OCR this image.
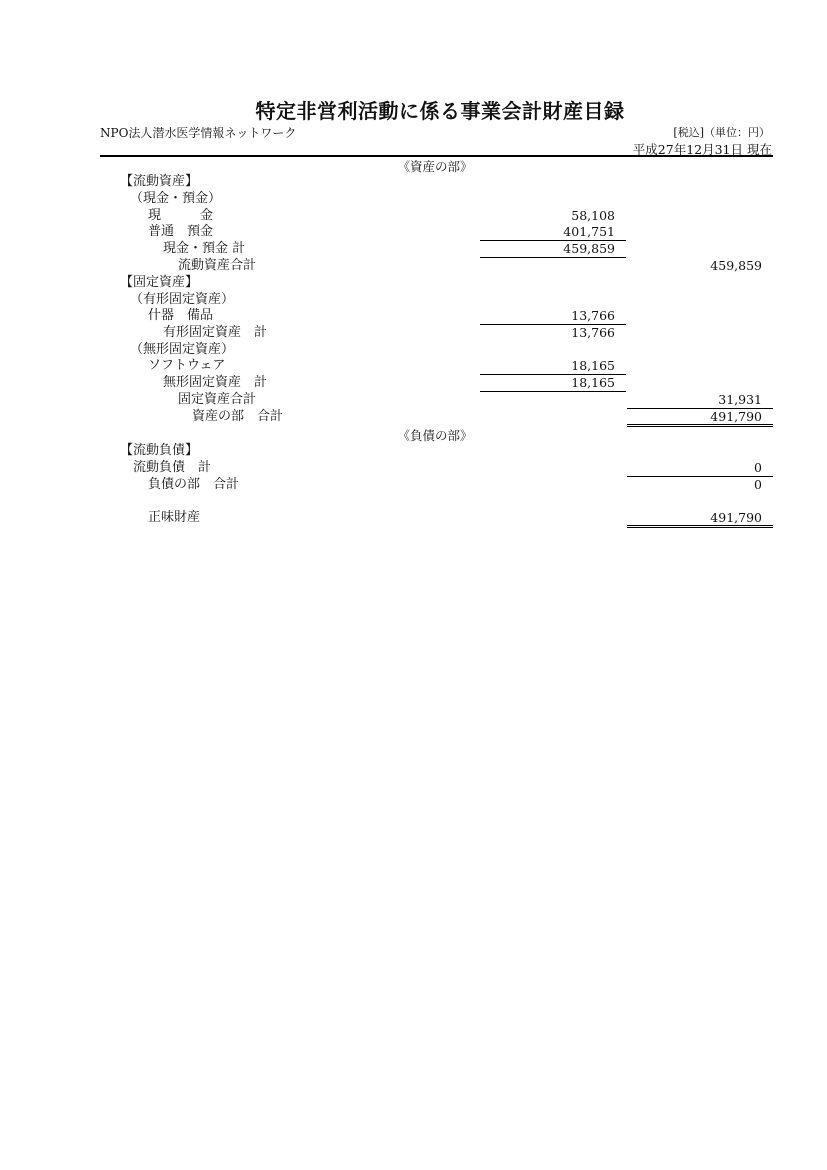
特定非営利活動に係る事業会計財産目録
NPO法人潜水医学情報ネットワーク	[税込]（単位：円）
平成27年12月31日 現在
《資産の部》
【流動資産】
（現金・預金）
現　　　金	58,108
普通　預金	401,751
現金・預金 計	459,859
流動資産合計	459,859
【固定資産】
（有形固定資産）
什器　備品	13,766
有形固定資産　計	13,766
（無形固定資産）
ソフトウェア	18,165
無形固定資産　計	18,165
固定資産合計	31,931
資産の部　合計	491,790
《負債の部》
【流動負債】
流動負債　計	0
負債の部　合計	0
正味財産	491,790
